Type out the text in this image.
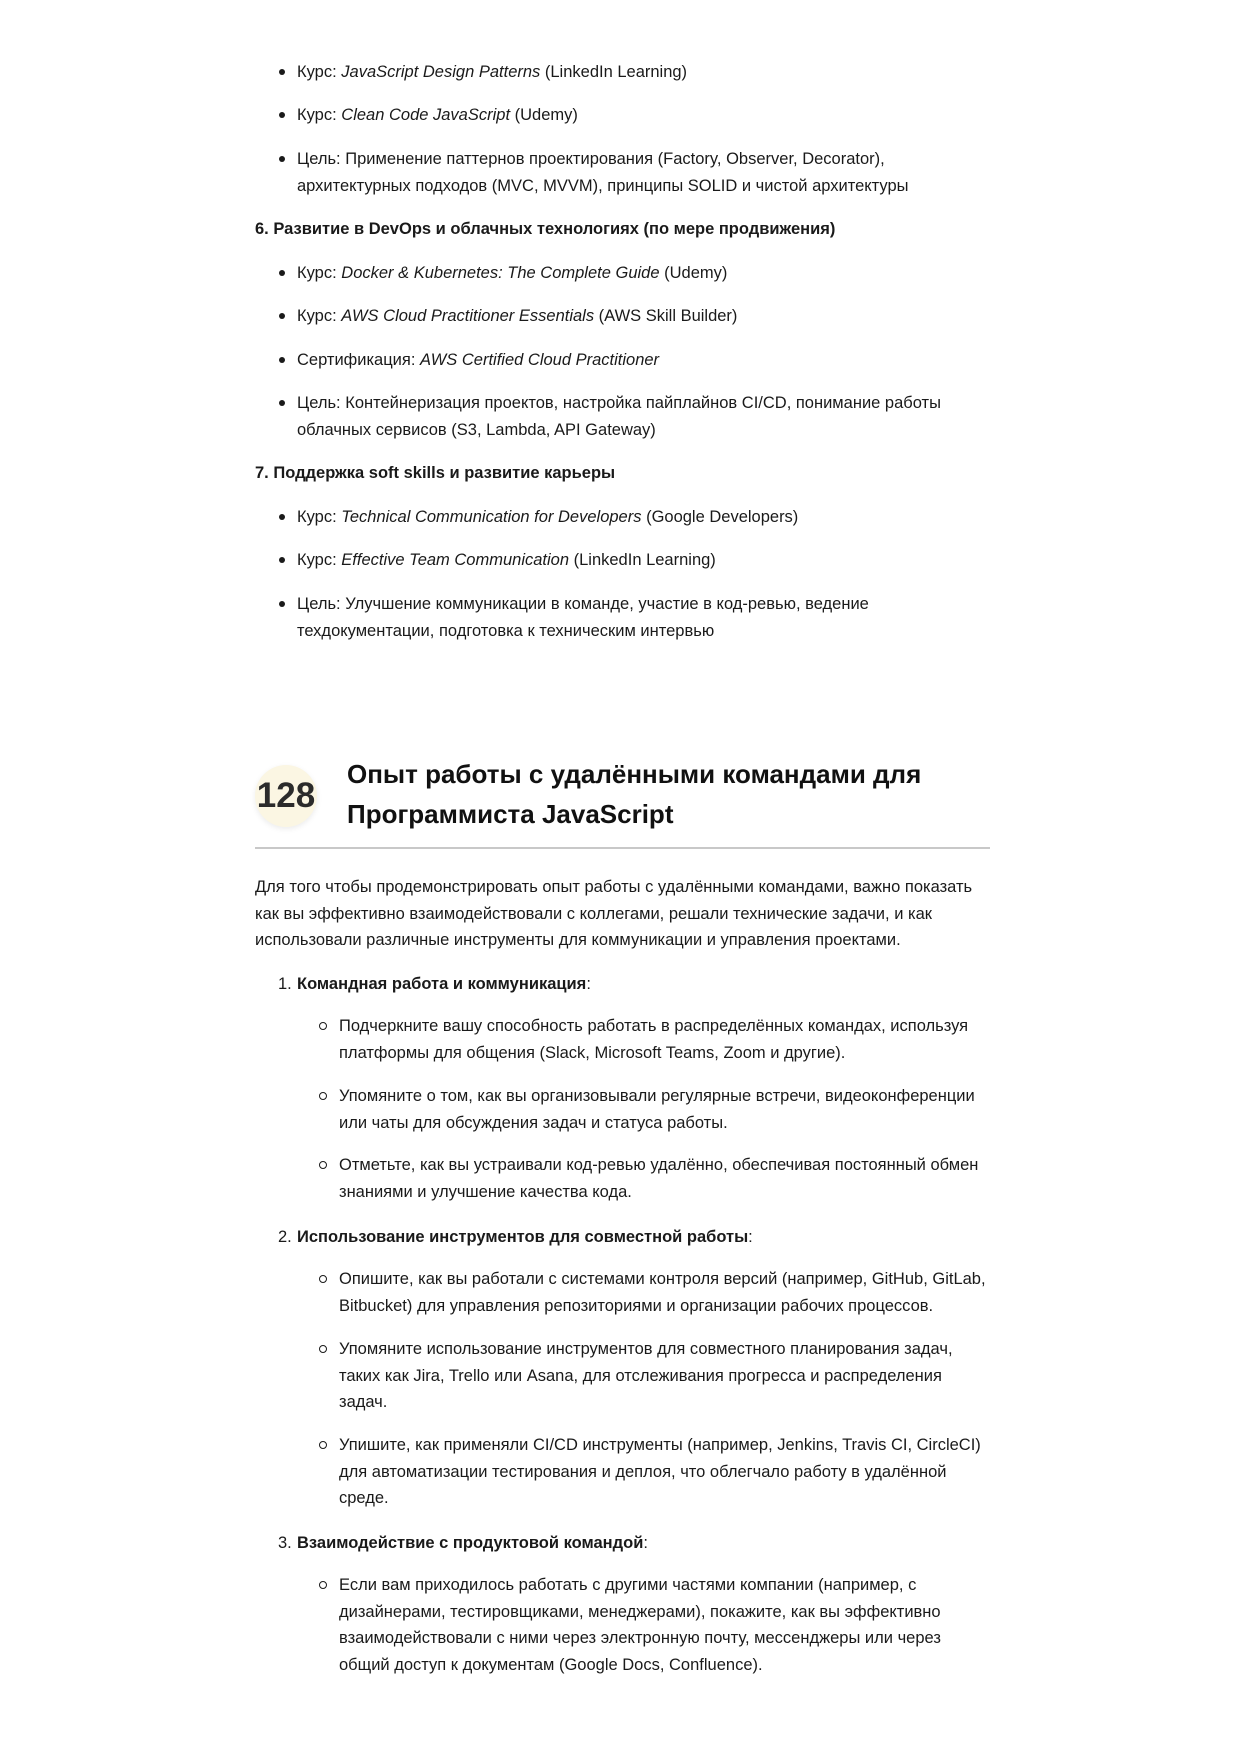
Курс: JavaScript Design Patterns (LinkedIn Learning)
Курс: Clean Code JavaScript (Udemy)
Цель: Применение паттернов проектирования (Factory, Observer, Decorator), архитектурных подходов (MVC, MVVM), принципы SOLID и чистой архитектуры
6. Развитие в DevOps и облачных технологиях (по мере продвижения)
Курс: Docker & Kubernetes: The Complete Guide (Udemy)
Курс: AWS Cloud Practitioner Essentials (AWS Skill Builder)
Сертификация: AWS Certified Cloud Practitioner
Цель: Контейнеризация проектов, настройка пайплайнов CI/CD, понимание работы облачных сервисов (S3, Lambda, API Gateway)
7. Поддержка soft skills и развитие карьеры
Курс: Technical Communication for Developers (Google Developers)
Курс: Effective Team Communication (LinkedIn Learning)
Цель: Улучшение коммуникации в команде, участие в код-ревью, ведение техдокументации, подготовка к техническим интервью
128
Опыт работы с удалёнными командами для Программиста JavaScript

Для того чтобы продемонстрировать опыт работы с удалёнными командами, важно показать как вы эффективно взаимодействовали с коллегами, решали технические задачи, и как использовали различные инструменты для коммуникации и управления проектами.

1. Командная работа и коммуникация:
Подчеркните вашу способность работать в распределённых командах, используя платформы для общения (Slack, Microsoft Teams, Zoom и другие).
Упомяните о том, как вы организовывали регулярные встречи, видеоконференции или чаты для обсуждения задач и статуса работы.
Отметьте, как вы устраивали код-ревью удалённо, обеспечивая постоянный обмен знаниями и улучшение качества кода.
2. Использование инструментов для совместной работы:
Опишите, как вы работали с системами контроля версий (например, GitHub, GitLab, Bitbucket) для управления репозиториями и организации рабочих процессов.
Упомяните использование инструментов для совместного планирования задач, таких как Jira, Trello или Asana, для отслеживания прогресса и распределения задач.
Упишите, как применяли CI/CD инструменты (например, Jenkins, Travis CI, CircleCI) для автоматизации тестирования и деплоя, что облегчало работу в удалённой среде.
3. Взаимодействие с продуктовой командой:
Если вам приходилось работать с другими частями компании (например, с дизайнерами, тестировщиками, менеджерами), покажите, как вы эффективно взаимодействовали с ними через электронную почту, мессенджеры или через общий доступ к документам (Google Docs, Confluence).
